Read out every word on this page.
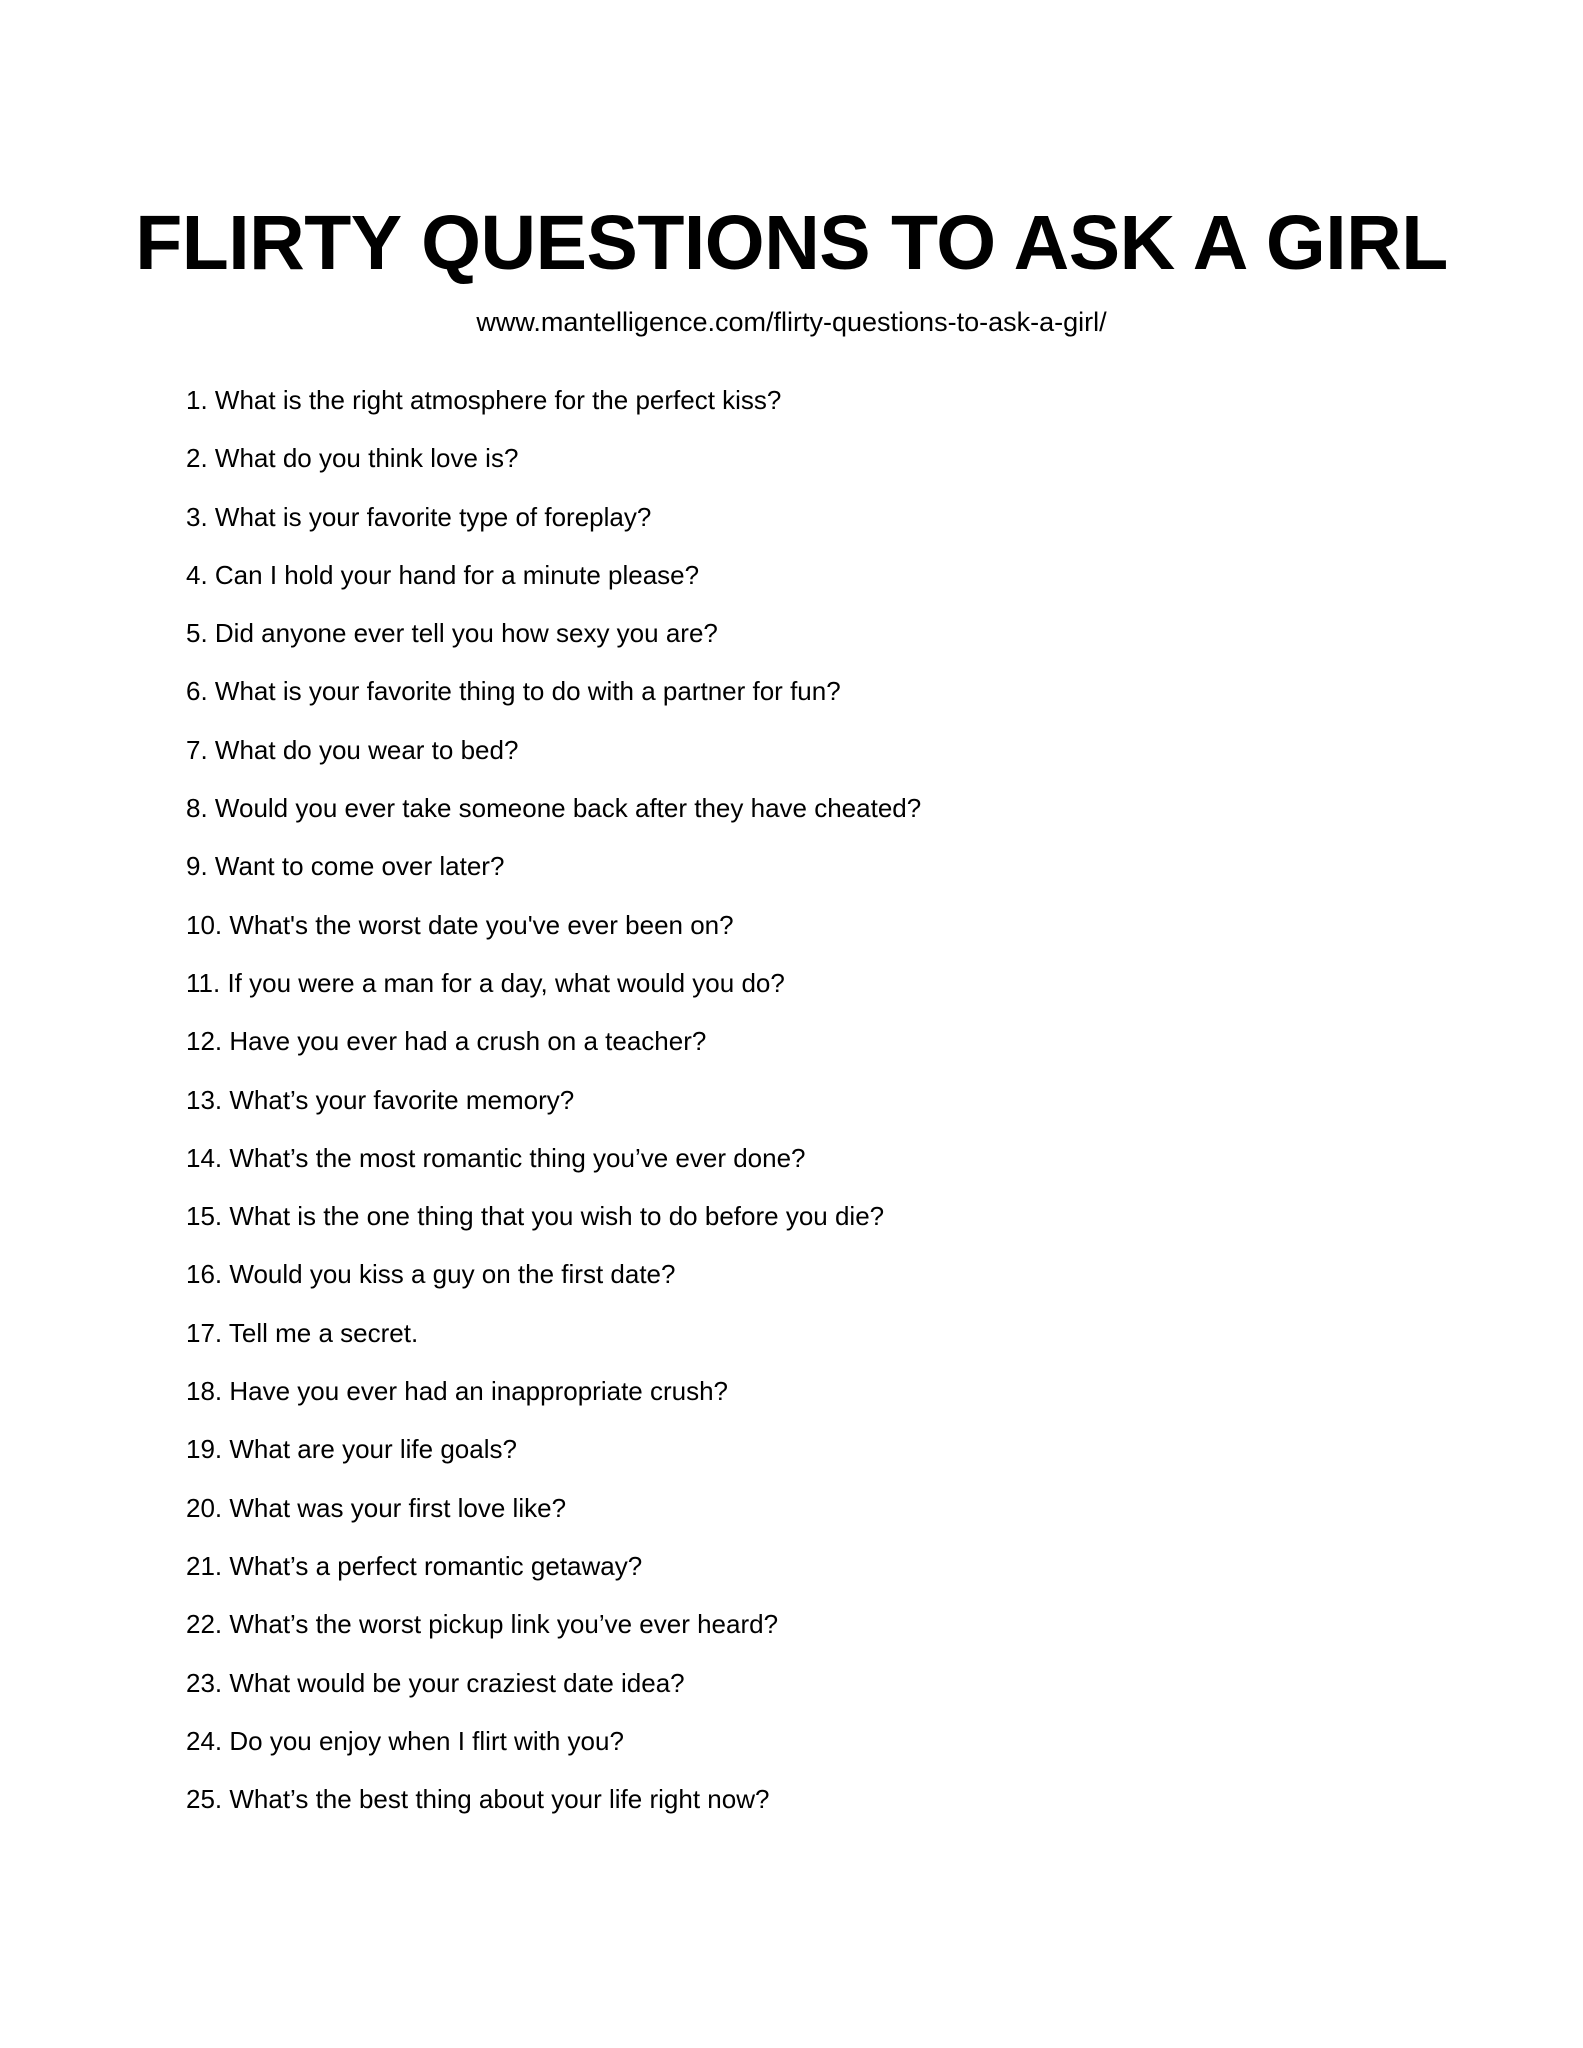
FLIRTY QUESTIONS TO ASK A GIRL
www.mantelligence.com/flirty-questions-to-ask-a-girl/
1. What is the right atmosphere for the perfect kiss?
2. What do you think love is?
3. What is your favorite type of foreplay?
4. Can I hold your hand for a minute please?
5. Did anyone ever tell you how sexy you are?
6. What is your favorite thing to do with a partner for fun?
7. What do you wear to bed?
8. Would you ever take someone back after they have cheated?
9. Want to come over later?
10. What's the worst date you've ever been on?
11. If you were a man for a day, what would you do?
12. Have you ever had a crush on a teacher?
13. What’s your favorite memory?
14. What’s the most romantic thing you’ve ever done?
15. What is the one thing that you wish to do before you die?
16. Would you kiss a guy on the first date?
17. Tell me a secret.
18. Have you ever had an inappropriate crush?
19. What are your life goals?
20. What was your first love like?
21. What’s a perfect romantic getaway?
22. What’s the worst pickup link you’ve ever heard?
23. What would be your craziest date idea?
24. Do you enjoy when I flirt with you?
25. What’s the best thing about your life right now?
